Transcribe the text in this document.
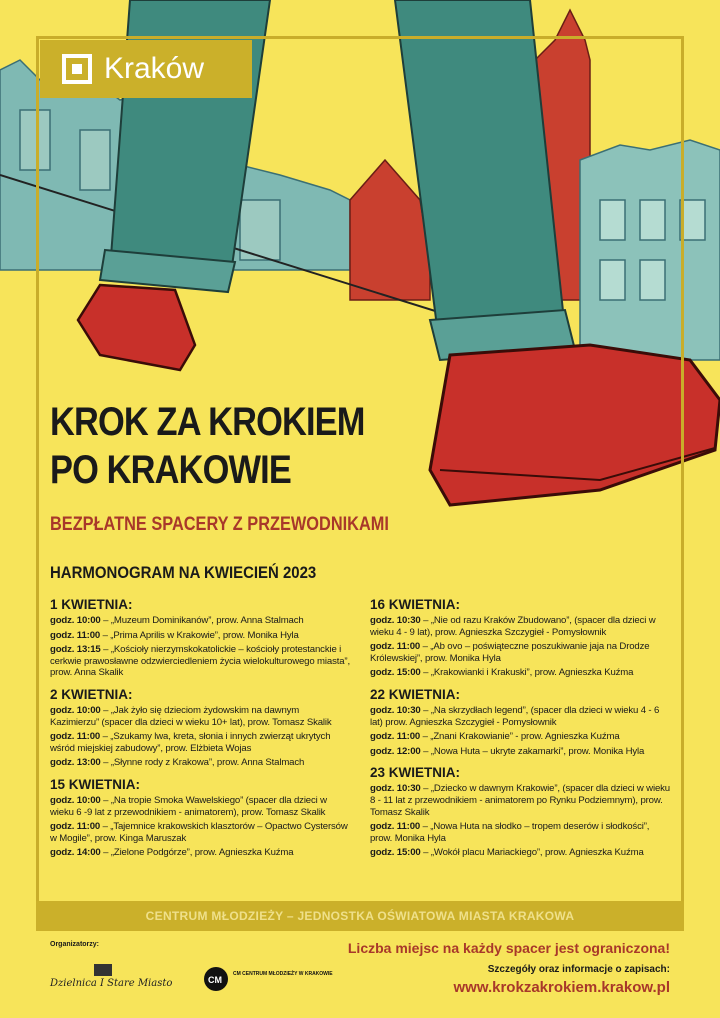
Kraków
KROK ZA KROKIEM
PO KRAKOWIE
BEZPŁATNE SPACERY Z PRZEWODNIKAMI
HARMONOGRAM NA KWIECIEŃ 2023
1 KWIETNIA:
godz. 10:00 – „Muzeum Dominikanów”, prow. Anna Stalmach
godz. 11:00 – „Prima Aprilis w Krakowie”, prow. Monika Hyla
godz. 13:15 – „Kościoły nierzymskokatolickie – kościoły protestanckie i cerkwie prawosławne odzwierciedleniem życia wielokulturowego miasta”, prow. Anna Skalik
2 KWIETNIA:
godz. 10:00 – „Jak żyło się dzieciom żydowskim na dawnym Kazimierzu” (spacer dla dzieci w wieku 10+ lat), prow. Tomasz Skalik
godz. 11:00 – „Szukamy lwa, kreta, słonia i innych zwierząt ukrytych wśród miejskiej zabudowy”, prow. Elżbieta Wojas
godz. 13:00 – „Słynne rody z Krakowa”, prow. Anna Stalmach
15 KWIETNIA:
godz. 10:00 – „Na tropie Smoka Wawelskiego” (spacer dla dzieci w wieku 6 -9 lat z przewodnikiem - animatorem), prow. Tomasz Skalik
godz. 11:00 – „Tajemnice krakowskich klasztorów – Opactwo Cystersów w Mogile”, prow. Kinga Maruszak
godz. 14:00 – „Zielone Podgórze”, prow. Agnieszka Kuźma
16 KWIETNIA:
godz. 10:30 – „Nie od razu Kraków Zbudowano”, (spacer dla dzieci w wieku 4 - 9 lat), prow. Agnieszka Szczygieł - Pomysłownik
godz. 11:00 – „Ab ovo – poświąteczne poszukiwanie jaja na Drodze Królewskiej”, prow. Monika Hyla
godz. 15:00 – „Krakowianki i Krakuski”, prow. Agnieszka Kuźma
22 KWIETNIA:
godz. 10:30 – „Na skrzydłach legend”, (spacer dla dzieci w wieku 4 - 6 lat) prow. Agnieszka Szczygieł - Pomysłownik
godz. 11:00 – „Znani Krakowianie” - prow. Agnieszka Kuźma
godz. 12:00 – „Nowa Huta – ukryte zakamarki”, prow. Monika Hyla
23 KWIETNIA:
godz. 10:30 – „Dziecko w dawnym Krakowie”, (spacer dla dzieci w wieku 8 - 11 lat z przewodnikiem - animatorem po Rynku Podziemnym), prow. Tomasz Skalik
godz. 11:00 – „Nowa Huta na słodko – tropem deserów i słodkości”, prow. Monika Hyla
godz. 15:00 – „Wokół placu Mariackiego”, prow. Agnieszka Kuźma
CENTRUM MŁODZIEŻY – JEDNOSTKA OŚWIATOWA MIASTA KRAKOWA
Organizatorzy:
Dzielnica I Stare Miasto	CM
CM CENTRUM MŁODZIEŻY W KRAKOWIE
Liczba miejsc na każdy spacer jest ograniczona!
Szczegóły oraz informacje o zapisach:
www.krokzakrokiem.krakow.pl
